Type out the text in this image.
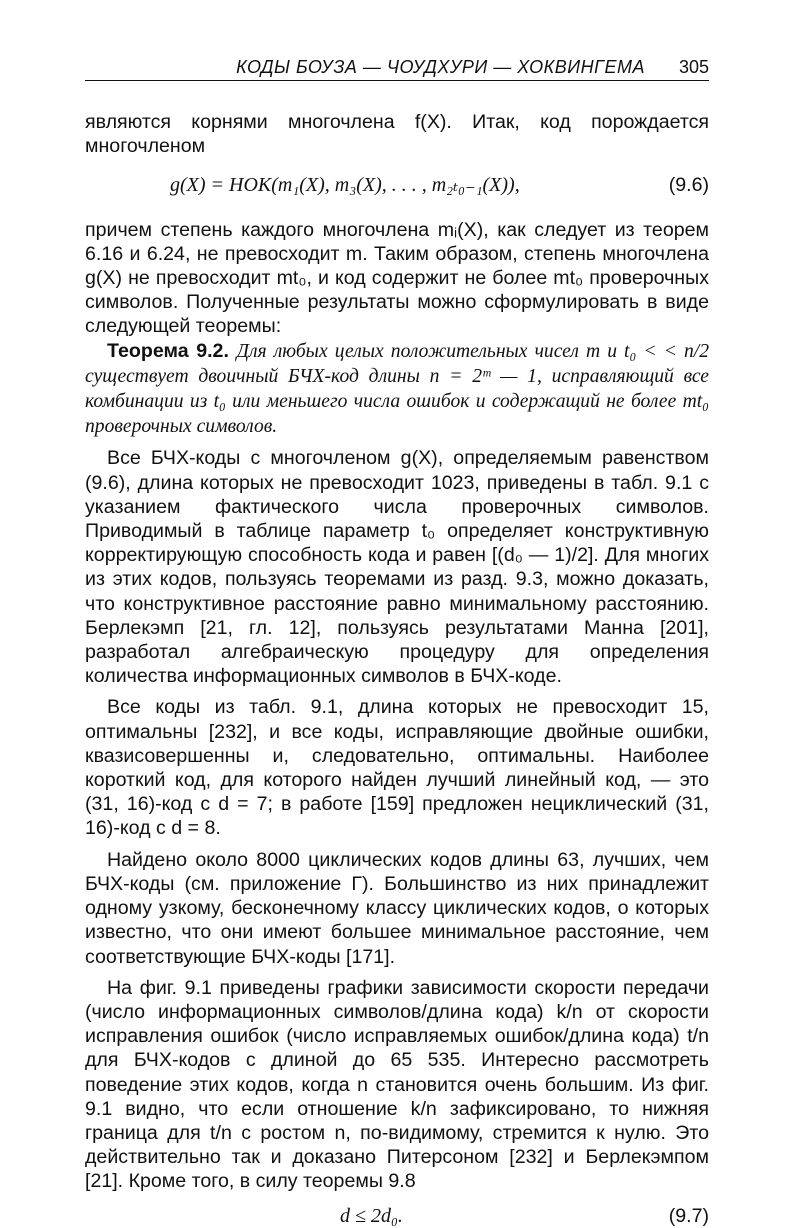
КОДЫ БОУЗА — ЧОУДХУРИ — ХОКВИНГЕМА 305

являются корнями многочлена f(X). Итак, код порождается многочленом

g(X) = НОК(m₁(X), m₃(X), . . . , m₂ₜ₀₋₁(X)),	(9.6)

причем степень каждого многочлена mᵢ(X), как следует из теорем 6.16 и 6.24, не превосходит m. Таким образом, степень многочлена g(X) не превосходит mt₀, и код содержит не более mt₀ проверочных символов. Полученные результаты можно сформулировать в виде следующей теоремы:

Теорема 9.2. Для любых целых положительных чисел m и t₀ < < n/2 существует двоичный БЧХ-код длины n = 2ᵐ — 1, исправляющий все комбинации из t₀ или меньшего числа ошибок и содержащий не более mt₀ проверочных символов.

Все БЧХ-коды с многочленом g(X), определяемым равенством (9.6), длина которых не превосходит 1023, приведены в табл. 9.1 с указанием фактического числа проверочных символов. Приводимый в таблице параметр t₀ определяет конструктивную корректирующую способность кода и равен [(d₀ — 1)/2]. Для многих из этих кодов, пользуясь теоремами из разд. 9.3, можно доказать, что конструктивное расстояние равно минимальному расстоянию. Берлекэмп [21, гл. 12], пользуясь результатами Манна [201], разработал алгебраическую процедуру для определения количества информационных символов в БЧХ-коде.

Все коды из табл. 9.1, длина которых не превосходит 15, оптимальны [232], и все коды, исправляющие двойные ошибки, квазисовершенны и, следовательно, оптимальны. Наиболее короткий код, для которого найден лучший линейный код, — это (31, 16)-код с d = 7; в работе [159] предложен нециклический (31, 16)-код с d = 8.

Найдено около 8000 циклических кодов длины 63, лучших, чем БЧХ-коды (см. приложение Г). Большинство из них принадлежит одному узкому, бесконечному классу циклических кодов, о которых известно, что они имеют большее минимальное расстояние, чем соответствующие БЧХ-коды [171].

На фиг. 9.1 приведены графики зависимости скорости передачи (число информационных символов/длина кода) k/n от скорости исправления ошибок (число исправляемых ошибок/длина кода) t/n для БЧХ-кодов с длиной до 65 535. Интересно рассмотреть поведение этих кодов, когда n становится очень большим. Из фиг. 9.1 видно, что если отношение k/n зафиксировано, то нижняя граница для t/n с ростом n, по-видимому, стремится к нулю. Это действительно так и доказано Питерсоном [232] и Берлекэмпом [21]. Кроме того, в силу теоремы 9.8

d ≤ 2d₀.	(9.7)
